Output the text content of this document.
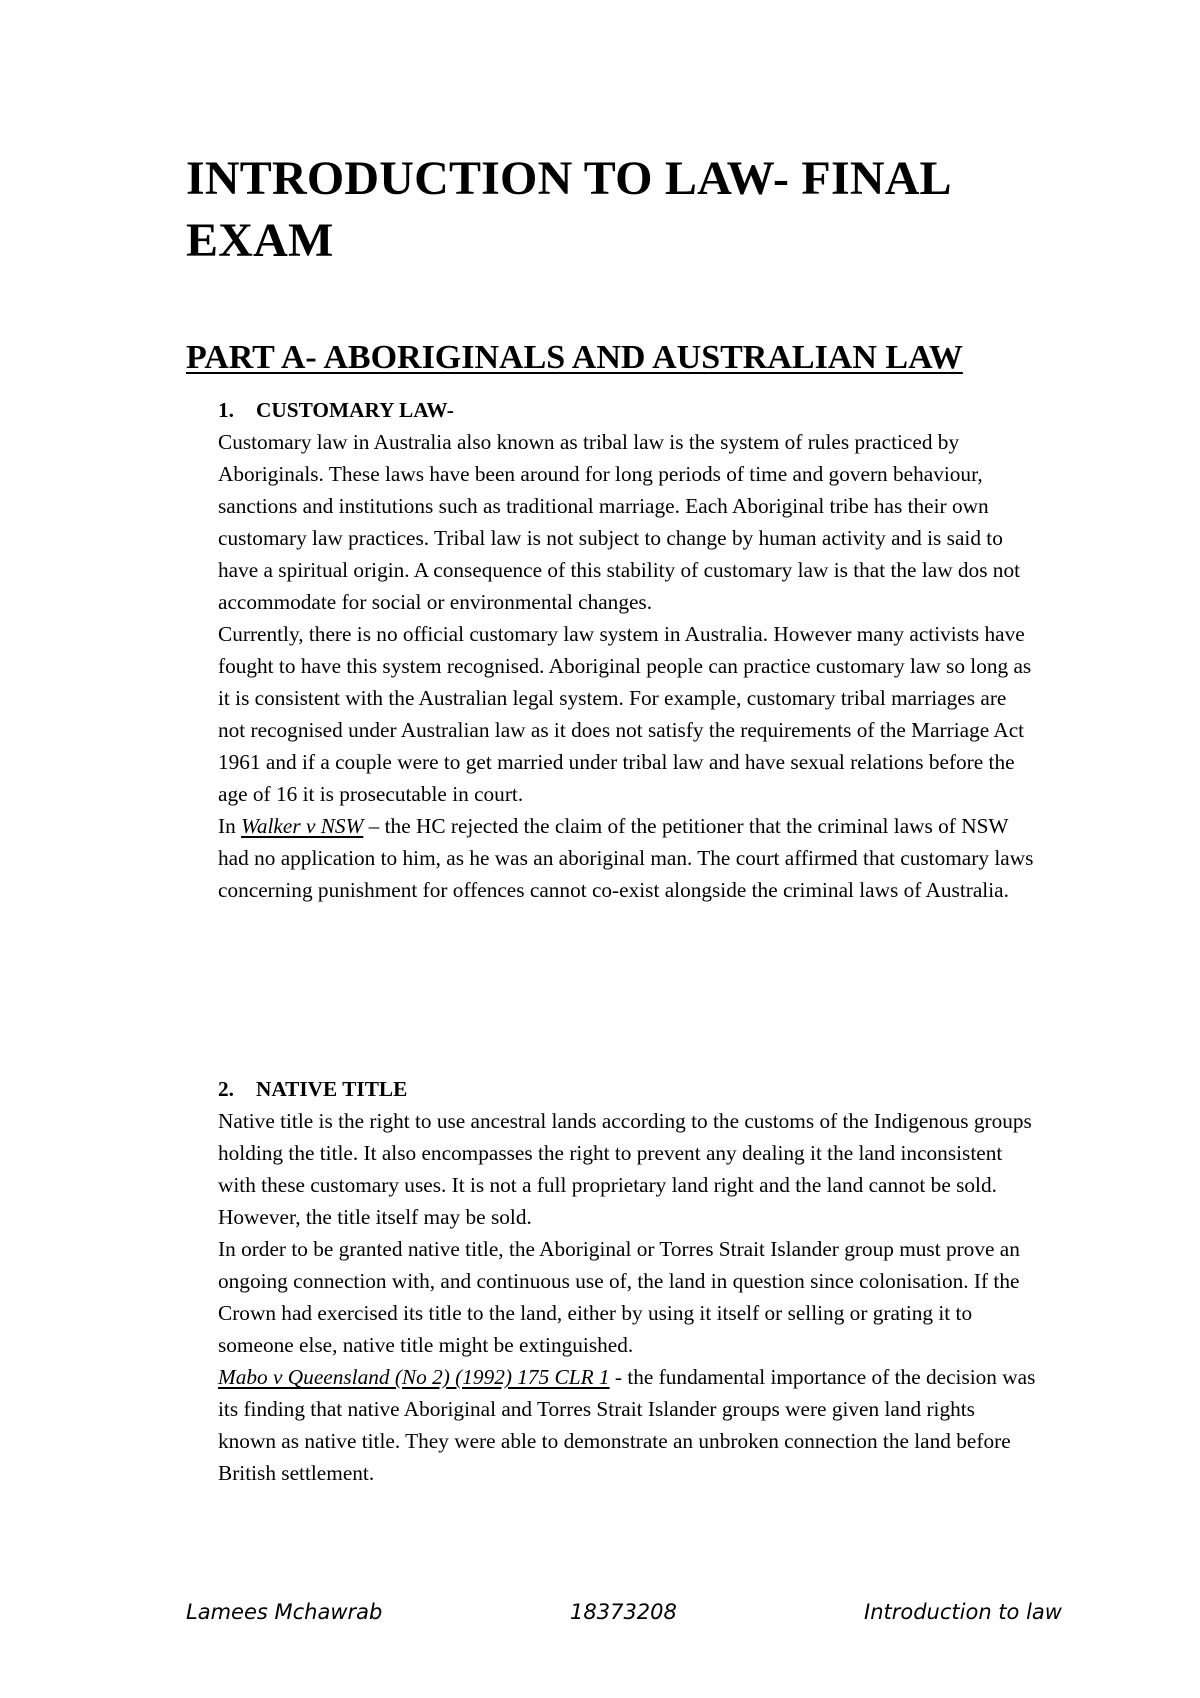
INTRODUCTION TO LAW- FINAL EXAM
PART A- ABORIGINALS AND AUSTRALIAN LAW

1. CUSTOMARY LAW-

Customary law in Australia also known as tribal law is the system of rules practiced by Aboriginals. These laws have been around for long periods of time and govern behaviour, sanctions and institutions such as traditional marriage. Each Aboriginal tribe has their own customary law practices. Tribal law is not subject to change by human activity and is said to have a spiritual origin. A consequence of this stability of customary law is that the law dos not accommodate for social or environmental changes.

Currently, there is no official customary law system in Australia. However many activists have fought to have this system recognised. Aboriginal people can practice customary law so long as it is consistent with the Australian legal system. For example, customary tribal marriages are not recognised under Australian law as it does not satisfy the requirements of the Marriage Act 1961 and if a couple were to get married under tribal law and have sexual relations before the age of 16 it is prosecutable in court.

In Walker v NSW – the HC rejected the claim of the petitioner that the criminal laws of NSW had no application to him, as he was an aboriginal man. The court affirmed that customary laws concerning punishment for offences cannot co-exist alongside the criminal laws of Australia.

2. NATIVE TITLE

Native title is the right to use ancestral lands according to the customs of the Indigenous groups holding the title. It also encompasses the right to prevent any dealing it the land inconsistent with these customary uses. It is not a full proprietary land right and the land cannot be sold. However, the title itself may be sold.

In order to be granted native title, the Aboriginal or Torres Strait Islander group must prove an ongoing connection with, and continuous use of, the land in question since colonisation. If the Crown had exercised its title to the land, either by using it itself or selling or grating it to someone else, native title might be extinguished.

Mabo v Queensland (No 2) (1992) 175 CLR 1 - the fundamental importance of the decision was its finding that native Aboriginal and Torres Strait Islander groups were given land rights known as native title. They were able to demonstrate an unbroken connection the land before British settlement.

Lamees Mchawrab	18373208	Introduction to law
